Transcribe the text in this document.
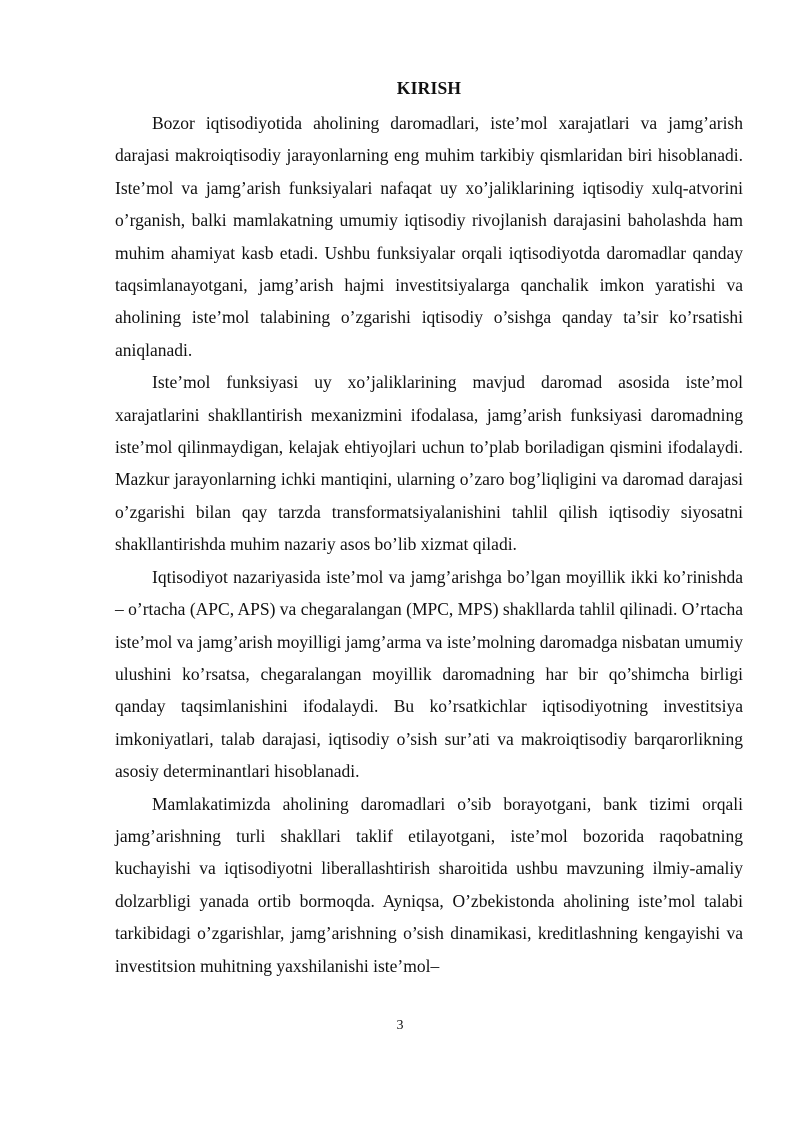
KIRISH

Bozor iqtisodiyotida aholining daromadlari, iste’mol xarajatlari va jamg’arish darajasi makroiqtisodiy jarayonlarning eng muhim tarkibiy qismlaridan biri hisoblanadi. Iste’mol va jamg’arish funksiyalari nafaqat uy xo’jaliklarining iqtisodiy xulq-atvorini o’rganish, balki mamlakatning umumiy iqtisodiy rivojlanish darajasini baholashda ham muhim ahamiyat kasb etadi. Ushbu funksiyalar orqali iqtisodiyotda daromadlar qanday taqsimlanayotgani, jamg’arish hajmi investitsiyalarga qanchalik imkon yaratishi va aholining iste’mol talabining o’zgarishi iqtisodiy o’sishga qanday ta’sir ko’rsatishi aniqlanadi.

Iste’mol funksiyasi uy xo’jaliklarining mavjud daromad asosida iste’mol xarajatlarini shakllantirish mexanizmini ifodalasa, jamg’arish funksiyasi daromadning iste’mol qilinmaydigan, kelajak ehtiyojlari uchun to’plab boriladigan qismini ifodalaydi. Mazkur jarayonlarning ichki mantiqini, ularning o’zaro bog’liqligini va daromad darajasi o’zgarishi bilan qay tarzda transformatsiyalanishini tahlil qilish iqtisodiy siyosatni shakllantirishda muhim nazariy asos bo’lib xizmat qiladi.

Iqtisodiyot nazariyasida iste’mol va jamg’arishga bo’lgan moyillik ikki ko’rinishda – o’rtacha (APC, APS) va chegaralangan (MPC, MPS) shakllarda tahlil qilinadi. O’rtacha iste’mol va jamg’arish moyilligi jamg’arma va iste’molning daromadga nisbatan umumiy ulushini ko’rsatsa, chegaralangan moyillik daromadning har bir qo’shimcha birligi qanday taqsimlanishini ifodalaydi. Bu ko’rsatkichlar iqtisodiyotning investitsiya imkoniyatlari, talab darajasi, iqtisodiy o’sish sur’ati va makroiqtisodiy barqarorlikning asosiy determinantlari hisoblanadi.

Mamlakatimizda aholining daromadlari o’sib borayotgani, bank tizimi orqali jamg’arishning turli shakllari taklif etilayotgani, iste’mol bozorida raqobatning kuchayishi va iqtisodiyotni liberallashtirish sharoitida ushbu mavzuning ilmiy-amaliy dolzarbligi yanada ortib bormoqda. Ayniqsa, O’zbekistonda aholining iste’mol talabi tarkibidagi o’zgarishlar, jamg’arishning o’sish dinamikasi, kreditlashning kengayishi va investitsion muhitning yaxshilanishi iste’mol–

3
